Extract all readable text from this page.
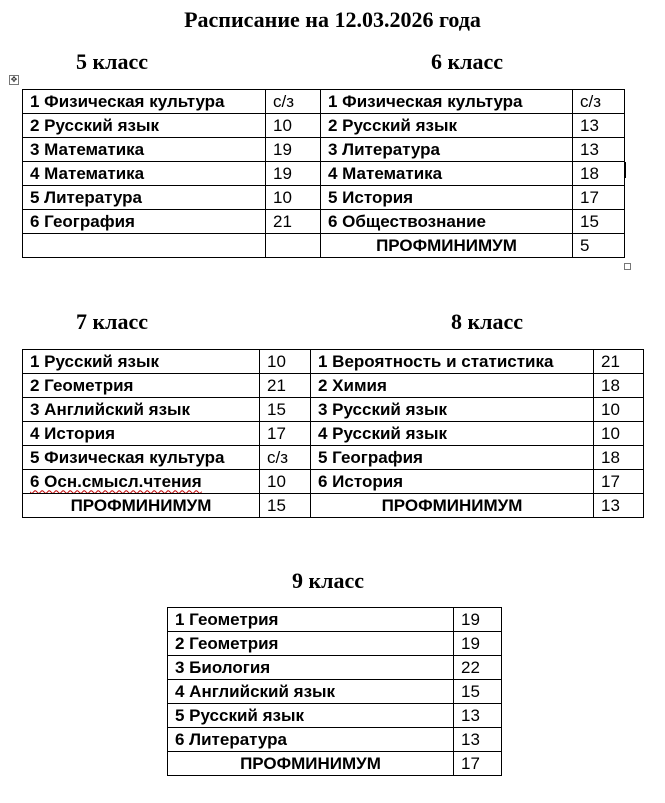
Расписание на 12.03.2026 года
5 класс	6 класс
7 класс	8 класс
9 класс
✥
1 Физическая культура	с/з	1 Физическая культура	с/з
2 Русский язык	10	2 Русский язык	13
3 Математика	19	3 Литература	13
4 Математика	19	4 Математика	18
5 Литература	10	5 История	17
6 География	21	6 Обществознание	15
		ПРОФМИНИМУМ	5
1 Русский язык	10	1 Вероятность и статистика	21
2 Геометрия	21	2 Химия	18
3 Английский язык	15	3 Русский язык	10
4 История	17	4 Русский язык	10
5 Физическая культура	с/з	5 География	18
6 Осн.смысл.чтения	10	6 История	17
ПРОФМИНИМУМ	15	ПРОФМИНИМУМ	13
1 Геометрия	19
2 Геометрия	19
3 Биология	22
4 Английский язык	15
5 Русский язык	13
6 Литература	13
ПРОФМИНИМУМ	17
